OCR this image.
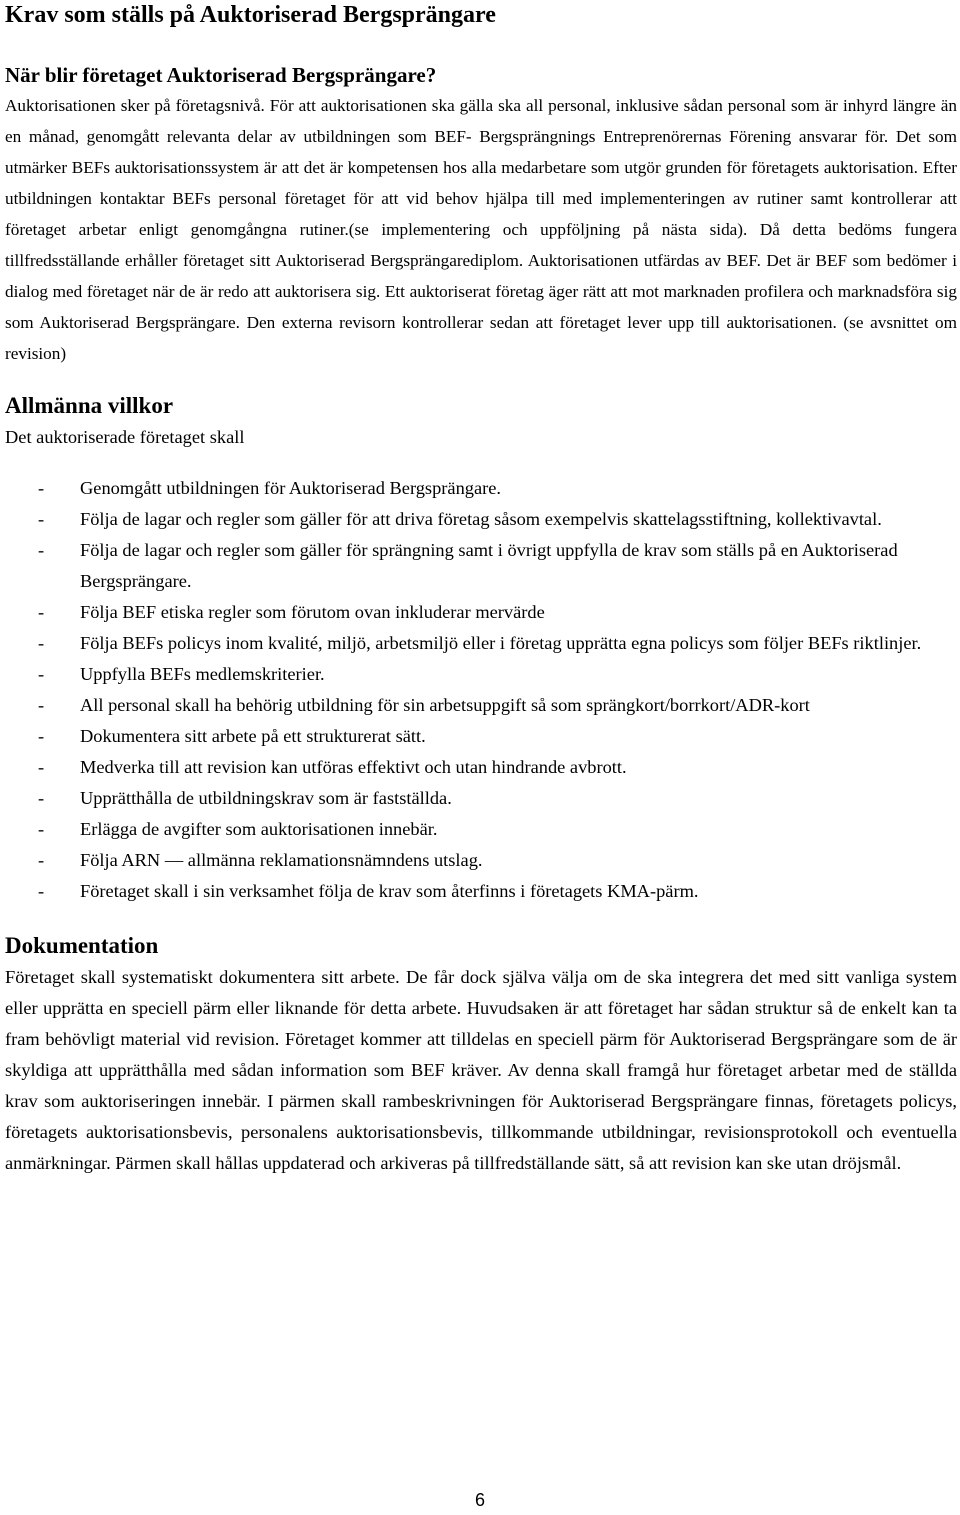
Krav som ställs på Auktoriserad Bergsprängare
När blir företaget Auktoriserad Bergsprängare?

Auktorisationen sker på företagsnivå. För att auktorisationen ska gälla ska all personal, inklusive sådan personal som är inhyrd längre än en månad, genomgått relevanta delar av utbildningen som BEF- Bergsprängnings Entreprenörernas Förening ansvarar för. Det som utmärker BEFs auktorisationssystem är att det är kompetensen hos alla medarbetare som utgör grunden för företagets auktorisation. Efter utbildningen kontaktar BEFs personal företaget för att vid behov hjälpa till med implementeringen av rutiner samt kontrollerar att företaget arbetar enligt genomgångna rutiner.(se implementering och uppföljning på nästa sida). Då detta bedöms fungera tillfredsställande erhåller företaget sitt Auktoriserad Bergsprängarediplom. Auktorisationen utfärdas av BEF. Det är BEF som bedömer i dialog med företaget när de är redo att auktorisera sig. Ett auktoriserat företag äger rätt att mot marknaden profilera och marknadsföra sig som Auktoriserad Bergsprängare. Den externa revisorn kontrollerar sedan att företaget lever upp till auktorisationen. (se avsnittet om revision)

Allmänna villkor

Det auktoriserade företaget skall

- Genomgått utbildningen för Auktoriserad Bergsprängare.
- Följa de lagar och regler som gäller för att driva företag såsom exempelvis skattelagsstiftning, kollektivavtal.
- Följa de lagar och regler som gäller för sprängning samt i övrigt uppfylla de krav som ställs på en Auktoriserad Bergsprängare.
- Följa BEF etiska regler som förutom ovan inkluderar mervärde
- Följa BEFs policys inom kvalité, miljö, arbetsmiljö eller i företag upprätta egna policys som följer BEFs riktlinjer.
- Uppfylla BEFs medlemskriterier.
- All personal skall ha behörig utbildning för sin arbetsuppgift så som sprängkort/borrkort/ADR-kort
- Dokumentera sitt arbete på ett strukturerat sätt.
- Medverka till att revision kan utföras effektivt och utan hindrande avbrott.
- Upprätthålla de utbildningskrav som är fastställda.
- Erlägga de avgifter som auktorisationen innebär.
- Följa ARN — allmänna reklamationsnämndens utslag.
- Företaget skall i sin verksamhet följa de krav som återfinns i företagets KMA-pärm.
Dokumentation

Företaget skall systematiskt dokumentera sitt arbete. De får dock själva välja om de ska integrera det med sitt vanliga system eller upprätta en speciell pärm eller liknande för detta arbete. Huvudsaken är att företaget har sådan struktur så de enkelt kan ta fram behövligt material vid revision. Företaget kommer att tilldelas en speciell pärm för Auktoriserad Bergsprängare som de är skyldiga att upprätthålla med sådan information som BEF kräver. Av denna skall framgå hur företaget arbetar med de ställda krav som auktoriseringen innebär. I pärmen skall rambeskrivningen för Auktoriserad Bergsprängare finnas, företagets policys, företagets auktorisationsbevis, personalens auktorisationsbevis, tillkommande utbildningar, revisionsprotokoll och eventuella anmärkningar. Pärmen skall hållas uppdaterad och arkiveras på tillfredställande sätt, så att revision kan ske utan dröjsmål.

6
